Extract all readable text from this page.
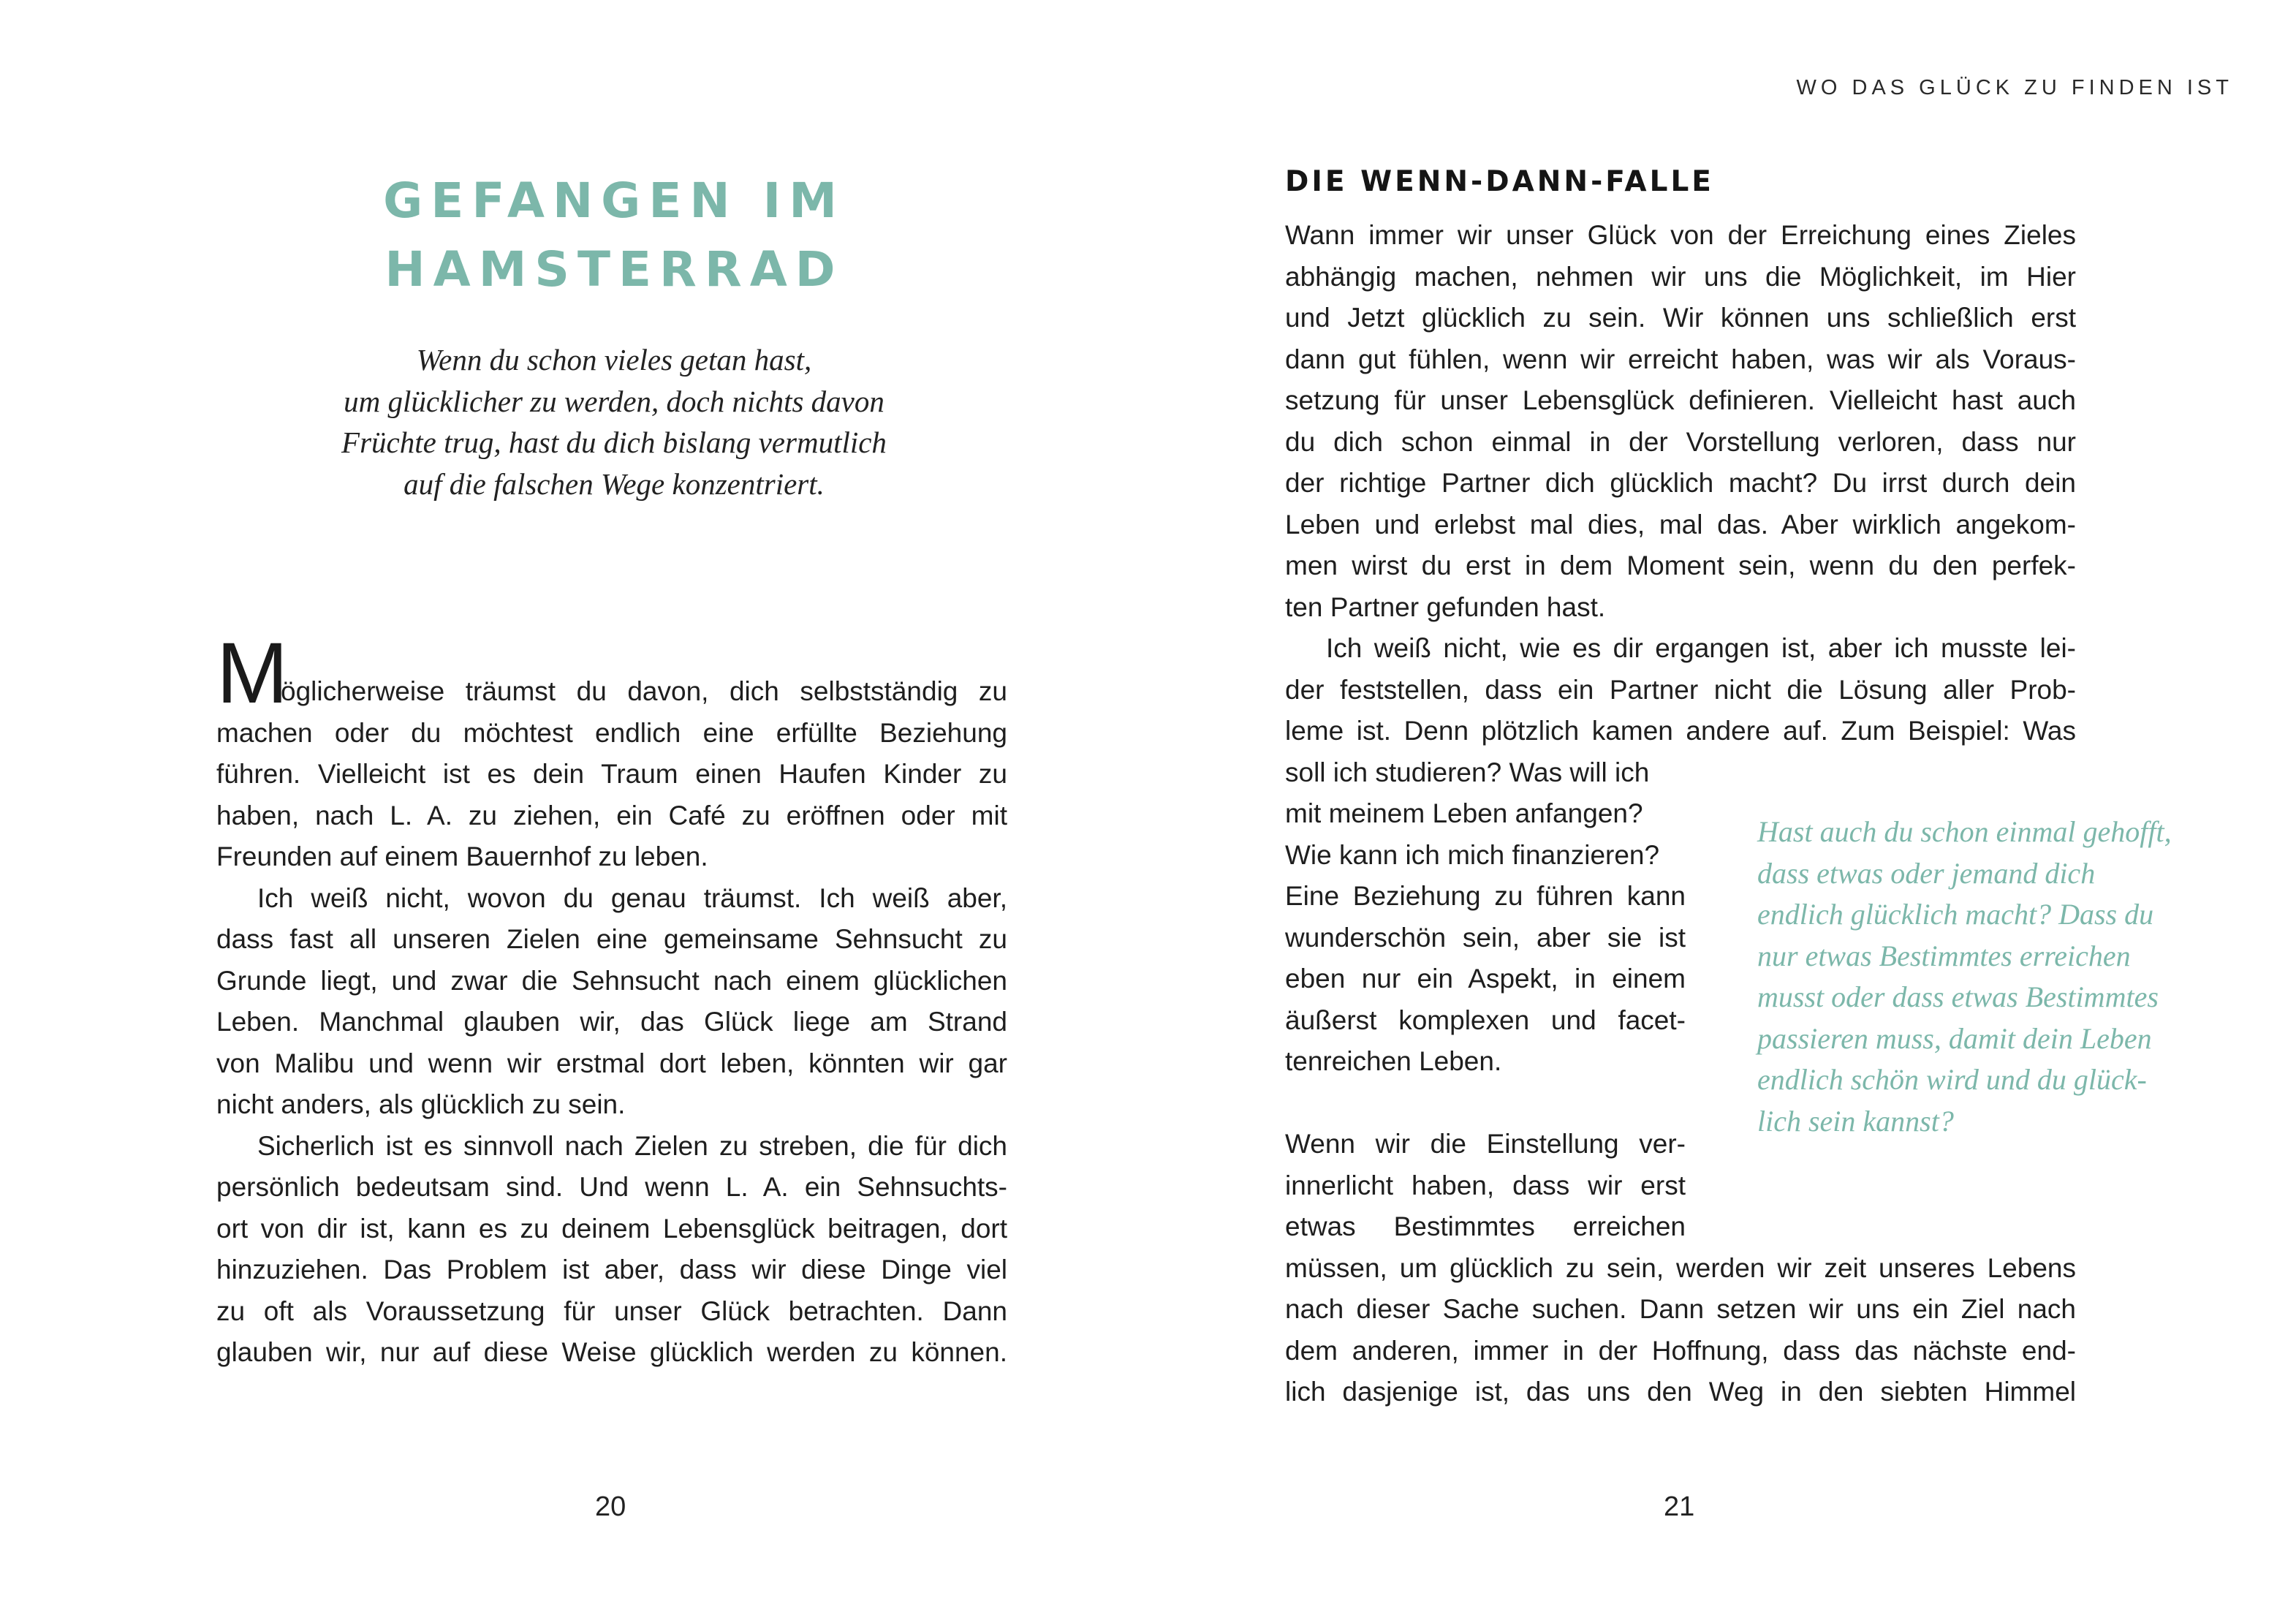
WO DAS GLÜCK ZU FINDEN IST
GEFANGEN IM
HAMSTERRAD
Wenn du schon vieles getan hast,
um glücklicher zu werden, doch nichts davon
Früchte trug, hast du dich bislang vermutlich
auf die falschen Wege konzentriert.
M
öglicherweise träumst du davon, dich selbstständig zu
machen oder du möchtest endlich eine erfüllte Beziehung
führen. Vielleicht ist es dein Traum einen Haufen Kinder zu
haben, nach L. A. zu ziehen, ein Café zu eröffnen oder mit
Freunden auf einem Bauernhof zu leben.
Ich weiß nicht, wovon du genau träumst. Ich weiß aber,
dass fast all unseren Zielen eine gemeinsame Sehnsucht zu
Grunde liegt, und zwar die Sehnsucht nach einem glücklichen
Leben. Manchmal glauben wir, das Glück liege am Strand
von Malibu und wenn wir erstmal dort leben, könnten wir gar
nicht anders, als glücklich zu sein.
Sicherlich ist es sinnvoll nach Zielen zu streben, die für dich
persönlich bedeutsam sind. Und wenn L. A. ein Sehnsuchts-
ort von dir ist, kann es zu deinem Lebensglück beitragen, dort
hinzuziehen. Das Problem ist aber, dass wir diese Dinge viel
zu oft als Voraussetzung für unser Glück betrachten. Dann
glauben wir, nur auf diese Weise glücklich werden zu können.
20
DIE WENN-DANN-FALLE
Wann immer wir unser Glück von der Erreichung eines Zieles
abhängig machen, nehmen wir uns die Möglichkeit, im Hier
und Jetzt glücklich zu sein. Wir können uns schließlich erst
dann gut fühlen, wenn wir erreicht haben, was wir als Voraus-
setzung für unser Lebensglück definieren. Vielleicht hast auch
du dich schon einmal in der Vorstellung verloren, dass nur
der richtige Partner dich glücklich macht? Du irrst durch dein
Leben und erlebst mal dies, mal das. Aber wirklich angekom-
men wirst du erst in dem Moment sein, wenn du den perfek-
ten Partner gefunden hast.
Ich weiß nicht, wie es dir ergangen ist, aber ich musste lei-
der feststellen, dass ein Partner nicht die Lösung aller Prob-
leme ist. Denn plötzlich kamen andere auf. Zum Beispiel: Was
soll ich studieren? Was will ich
mit meinem Leben anfangen?
Wie kann ich mich finanzieren?
Eine Beziehung zu führen kann
wunderschön sein, aber sie ist
eben nur ein Aspekt, in einem
äußerst komplexen und facet-
tenreichen Leben.
Wenn wir die Einstellung ver-
innerlicht haben, dass wir erst
etwas Bestimmtes erreichen
müssen, um glücklich zu sein, werden wir zeit unseres Lebens
nach dieser Sache suchen. Dann setzen wir uns ein Ziel nach
dem anderen, immer in der Hoffnung, dass das nächste end-
lich dasjenige ist, das uns den Weg in den siebten Himmel
Hast auch du schon einmal gehofft,
dass etwas oder jemand dich
endlich glücklich macht? Dass du
nur etwas Bestimmtes erreichen
musst oder dass etwas Bestimmtes
passieren muss, damit dein Leben
endlich schön wird und du glück-
lich sein kannst?
21
